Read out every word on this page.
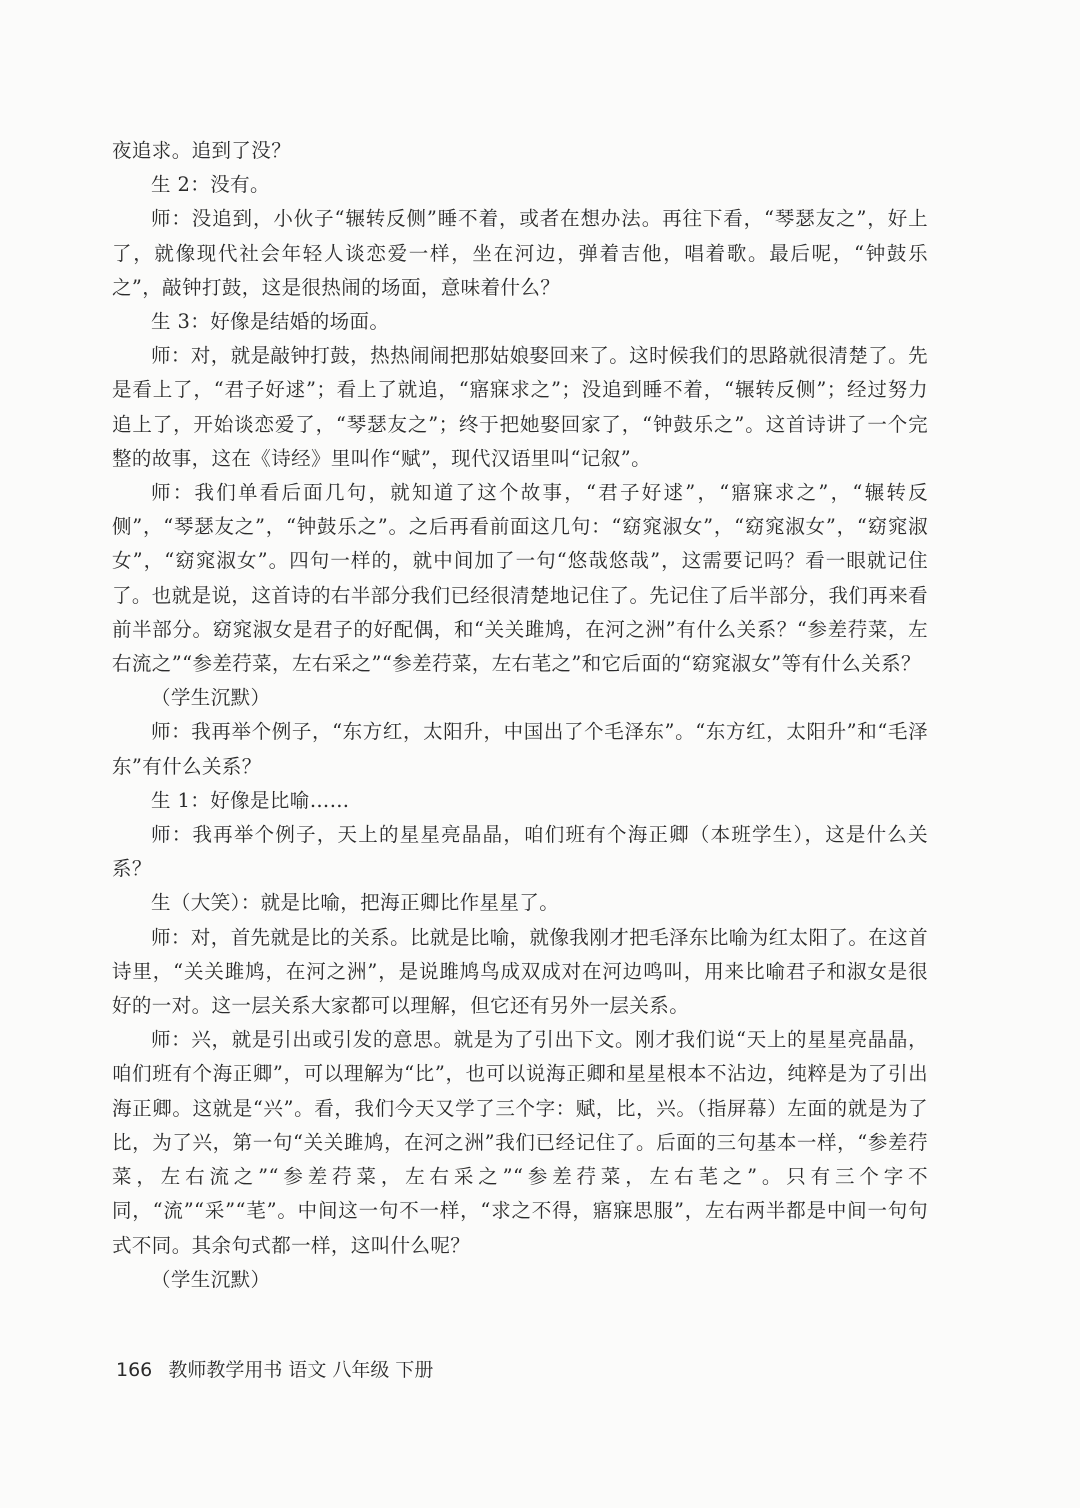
夜追求。追到了没？

生 2：没有。

师：没追到，小伙子“辗转反侧”睡不着，或者在想办法。再往下看，“琴瑟友之”，好上了，就像现代社会年轻人谈恋爱一样，坐在河边，弹着吉他，唱着歌。最后呢，“钟鼓乐之”，敲钟打鼓，这是很热闹的场面，意味着什么？

生 3：好像是结婚的场面。

师：对，就是敲钟打鼓，热热闹闹把那姑娘娶回来了。这时候我们的思路就很清楚了。先是看上了，“君子好逑”；看上了就追，“寤寐求之”；没追到睡不着，“辗转反侧”；经过努力追上了，开始谈恋爱了，“琴瑟友之”；终于把她娶回家了，“钟鼓乐之”。这首诗讲了一个完整的故事，这在《诗经》里叫作“赋”，现代汉语里叫“记叙”。

师：我们单看后面几句，就知道了这个故事，“君子好逑”，“寤寐求之”，“辗转反侧”，“琴瑟友之”，“钟鼓乐之”。之后再看前面这几句：“窈窕淑女”，“窈窕淑女”，“窈窕淑女”，“窈窕淑女”。四句一样的，就中间加了一句“悠哉悠哉”，这需要记吗？看一眼就记住了。也就是说，这首诗的右半部分我们已经很清楚地记住了。先记住了后半部分，我们再来看前半部分。窈窕淑女是君子的好配偶，和“关关雎鸠，在河之洲”有什么关系？“参差荇菜，左右流之”“参差荇菜，左右采之”“参差荇菜，左右芼之”和它后面的“窈窕淑女”等有什么关系？

（学生沉默）

师：我再举个例子，“东方红，太阳升，中国出了个毛泽东”。“东方红，太阳升”和“毛泽东”有什么关系？

生 1：好像是比喻……

师：我再举个例子，天上的星星亮晶晶，咱们班有个海正卿（本班学生），这是什么关系？

生（大笑）：就是比喻，把海正卿比作星星了。

师：对，首先就是比的关系。比就是比喻，就像我刚才把毛泽东比喻为红太阳了。在这首诗里，“关关雎鸠，在河之洲”，是说雎鸠鸟成双成对在河边鸣叫，用来比喻君子和淑女是很好的一对。这一层关系大家都可以理解，但它还有另外一层关系。

师：兴，就是引出或引发的意思。就是为了引出下文。刚才我们说“天上的星星亮晶晶，咱们班有个海正卿”，可以理解为“比”，也可以说海正卿和星星根本不沾边，纯粹是为了引出海正卿。这就是“兴”。看，我们今天又学了三个字：赋，比，兴。（指屏幕）左面的就是为了比，为了兴，第一句“关关雎鸠，在河之洲”我们已经记住了。后面的三句基本一样，“参差荇菜，左右流之”“参差荇菜，左右采之”“参差荇菜，左右芼之”。只有三个字不同，“流”“采”“芼”。中间这一句不一样，“求之不得，寤寐思服”，左右两半都是中间一句句式不同。其余句式都一样，这叫什么呢？

（学生沉默）

166 教师教学用书 语文 八年级 下册
